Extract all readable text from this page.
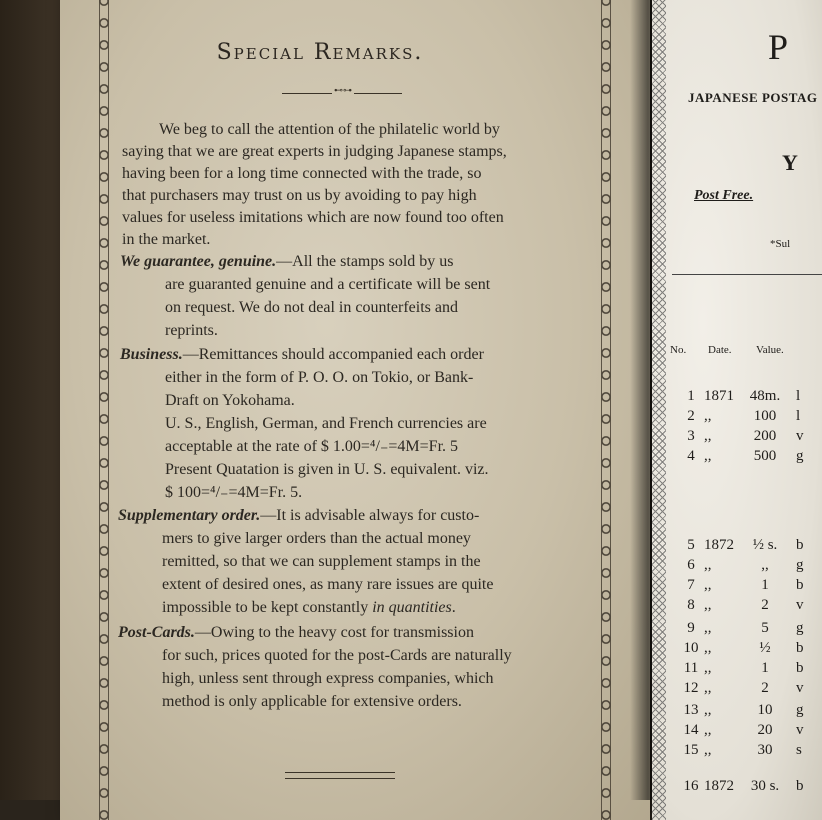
Special Remarks.
⊷⊶
We beg to call the attention of the philatelic world by
saying that we are great experts in judging Japanese stamps,
having been for a long time connected with the trade, so
that purchasers may trust on us by avoiding to pay high
values for useless imitations which are now found too often
in the market.
We guarantee, genuine.—All the stamps sold by us
are guaranted genuine and a certificate will be sent
on request. We do not deal in counterfeits and
reprints.
Business.—Remittances should accompanied each order
either in the form of P. O. O. on Tokio, or Bank-
Draft on Yokohama.
U. S., English, German, and French currencies are
acceptable at the rate of $ 1.00=⁴/₋=4M=Fr. 5
Present Quatation is given in U. S. equivalent. viz.
$ 100=⁴/₋=4M=Fr. 5.
Supplementary order.—It is advisable always for custo-
mers to give larger orders than the actual money
remitted, so that we can supplement stamps in the
extent of desired ones, as many rare issues are quite
impossible to be kept constantly in quantities.
Post-Cards.—Owing to the heavy cost for transmission
for such, prices quoted for the post-Cards are naturally
high, unless sent through express companies, which
method is only applicable for extensive orders.
P
JAPANESE POSTAG
Y
Post Free.
*Sul
No. Date. Value.
1 1871 48m. l
2 ,,	100	l
3 ,,	200	v
4 ,,	500	g
5 1872	½ s.	b
6 ,,	,,	g
7 ,,	1	b
8 ,,	2	v
9 ,,	5	g
10 ,,	½	b
11 ,,	1	b
12 ,,	2	v
13 ,,	10	g
14 ,,	20	v
15 ,,	30	s
16 1872	30 s.	b
